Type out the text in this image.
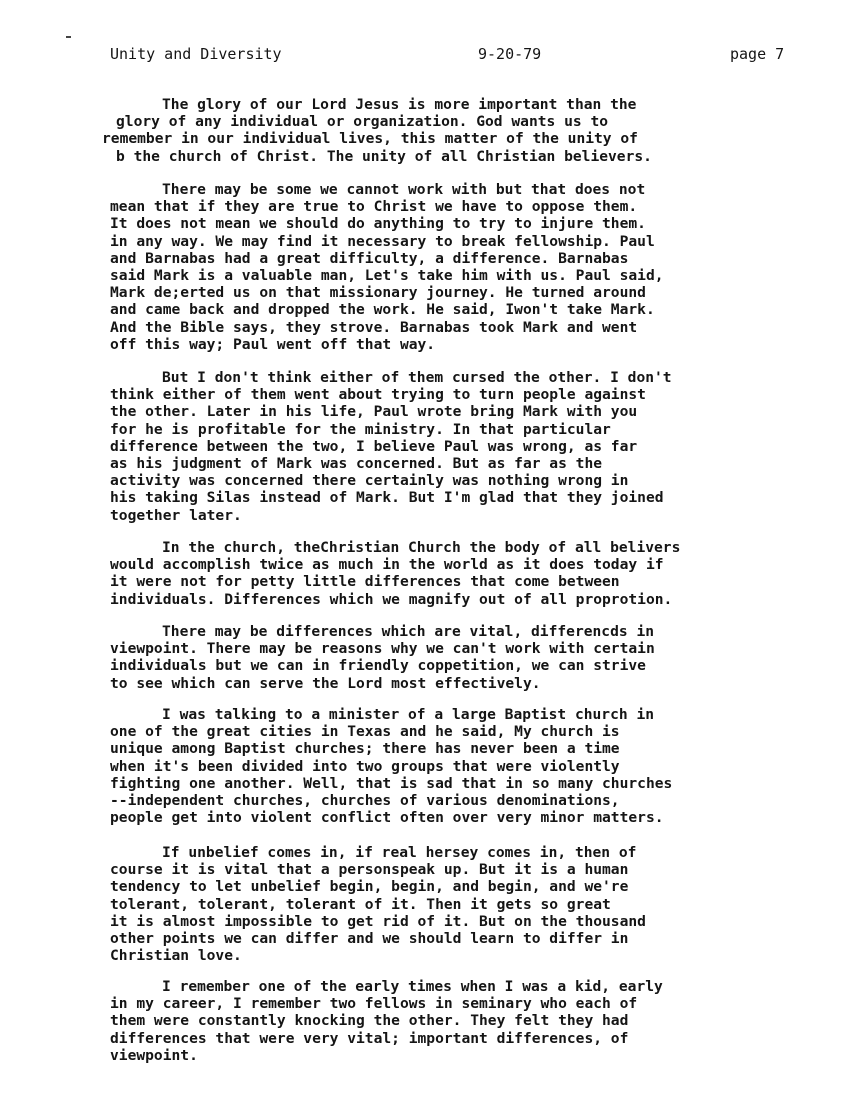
Unity and Diversity	9-20-79	page 7
The glory of our Lord Jesus is more important than the
glory of any individual or organization. God wants us to
remember in our individual lives, this matter of the unity of
b the church of Christ. The unity of all Christian believers.
There may be some we cannot work with but that does not
mean that if they are true to Christ we have to oppose them.
It does not mean we should do anything to try to injure them.
in any way. We may find it necessary to break fellowship. Paul
and Barnabas had a great difficulty, a difference. Barnabas
said Mark is a valuable man, Let's take him with us. Paul said,
Mark de;erted us on that missionary journey. He turned around
and came back and dropped the work. He said, Iwon't take Mark.
And the Bible says, they strove. Barnabas took Mark and went
off this way; Paul went off that way.
But I don't think either of them cursed the other. I don't
think either of them went about trying to turn people against
the other. Later in his life, Paul wrote bring Mark with you
for he is profitable for the ministry. In that particular
difference between the two, I believe Paul was wrong, as far
as his judgment of Mark was concerned. But as far as the
activity was concerned there certainly was nothing wrong in
his taking Silas instead of Mark. But I'm glad that they joined
together later.
In the church, theChristian Church the body of all belivers
would accomplish twice as much in the world as it does today if
it were not for petty little differences that come between
individuals. Differences which we magnify out of all proprotion.
There may be differences which are vital, differencds in
viewpoint. There may be reasons why we can't work with certain
individuals but we can in friendly coppetition, we can strive
to see which can serve the Lord most effectively.
I was talking to a minister of a large Baptist church in
one of the great cities in Texas and he said, My church is
unique among Baptist churches; there has never been a time
when it's been divided into two groups that were violently
fighting one another. Well, that is sad that in so many churches
--independent churches, churches of various denominations,
people get into violent conflict often over very minor matters.
If unbelief comes in, if real hersey comes in, then of
course it is vital that a personspeak up. But it is a human
tendency to let unbelief begin, begin, and begin, and we're
tolerant, tolerant, tolerant of it. Then it gets so great
it is almost impossible to get rid of it. But on the thousand
other points we can differ and we should learn to differ in
Christian love.
I remember one of the early times when I was a kid, early
in my career, I remember two fellows in seminary who each of
them were constantly knocking the other. They felt they had
differences that were very vital; important differences, of
viewpoint.
